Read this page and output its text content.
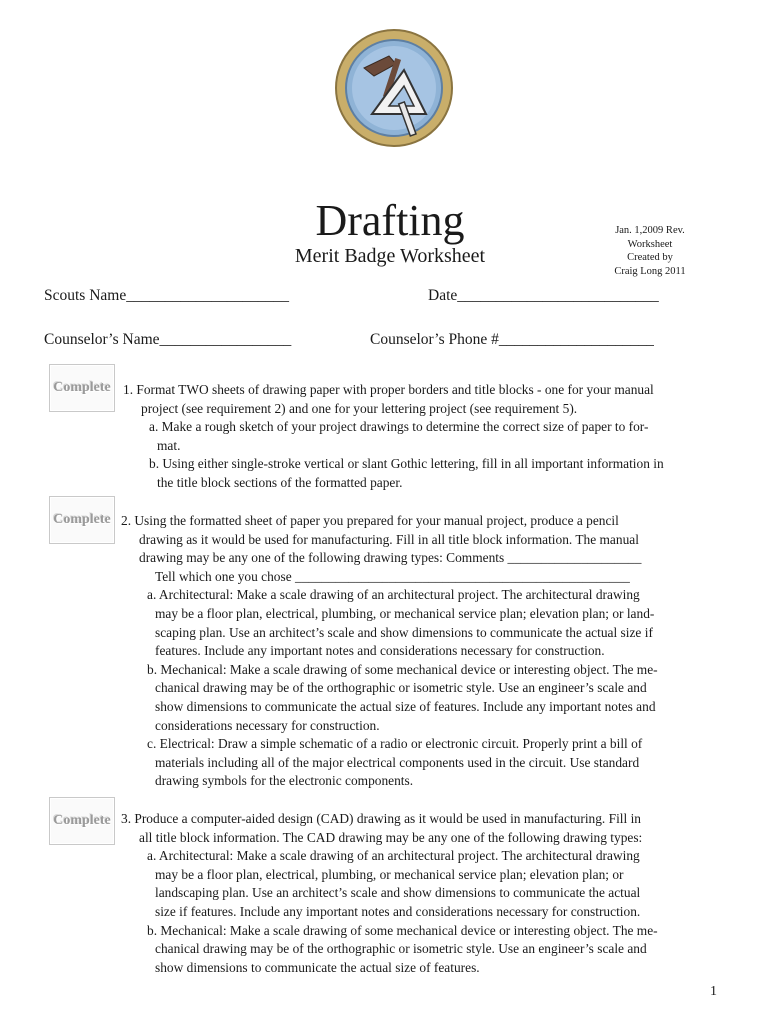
Drafting
Merit Badge Worksheet
Jan. 1,2009 Rev.
Worksheet
Created by
Craig Long 2011
Scouts Name_____________________	Date__________________________
Counselor’s Name_________________	Counselor’s Phone #____________________
Complete
Complete
Complete
1. Format TWO sheets of drawing paper with proper borders and title blocks - one for your manual
project (see requirement 2) and one for your lettering project (see requirement 5).
a. Make a rough sketch of your project drawings to determine the correct size of paper to for-
mat.
b. Using either single-stroke vertical or slant Gothic lettering, fill in all important information in
the title block sections of the formatted paper.
2. Using the formatted sheet of paper you prepared for your manual project, produce a pencil
drawing as it would be used for manufacturing. Fill in all title block information. The manual
drawing may be any one of the following drawing types: Comments ____________________
Tell which one you chose __________________________________________________
a. Architectural: Make a scale drawing of an architectural project. The architectural drawing
may be a floor plan, electrical, plumbing, or mechanical service plan; elevation plan; or land-
scaping plan. Use an architect’s scale and show dimensions to communicate the actual size if
features. Include any important notes and considerations necessary for construction.
b. Mechanical: Make a scale drawing of some mechanical device or interesting object. The me-
chanical drawing may be of the orthographic or isometric style. Use an engineer’s scale and
show dimensions to communicate the actual size of features. Include any important notes and
considerations necessary for construction.
c. Electrical: Draw a simple schematic of a radio or electronic circuit. Properly print a bill of
materials including all of the major electrical components used in the circuit. Use standard
drawing symbols for the electronic components.
3. Produce a computer-aided design (CAD) drawing as it would be used in manufacturing. Fill in
all title block information. The CAD drawing may be any one of the following drawing types:
a. Architectural: Make a scale drawing of an architectural project. The architectural drawing
may be a floor plan, electrical, plumbing, or mechanical service plan; elevation plan; or
landscaping plan. Use an architect’s scale and show dimensions to communicate the actual
size if features. Include any important notes and considerations necessary for construction.
b. Mechanical: Make a scale drawing of some mechanical device or interesting object. The me-
chanical drawing may be of the orthographic or isometric style. Use an engineer’s scale and
show dimensions to communicate the actual size of features.
1
